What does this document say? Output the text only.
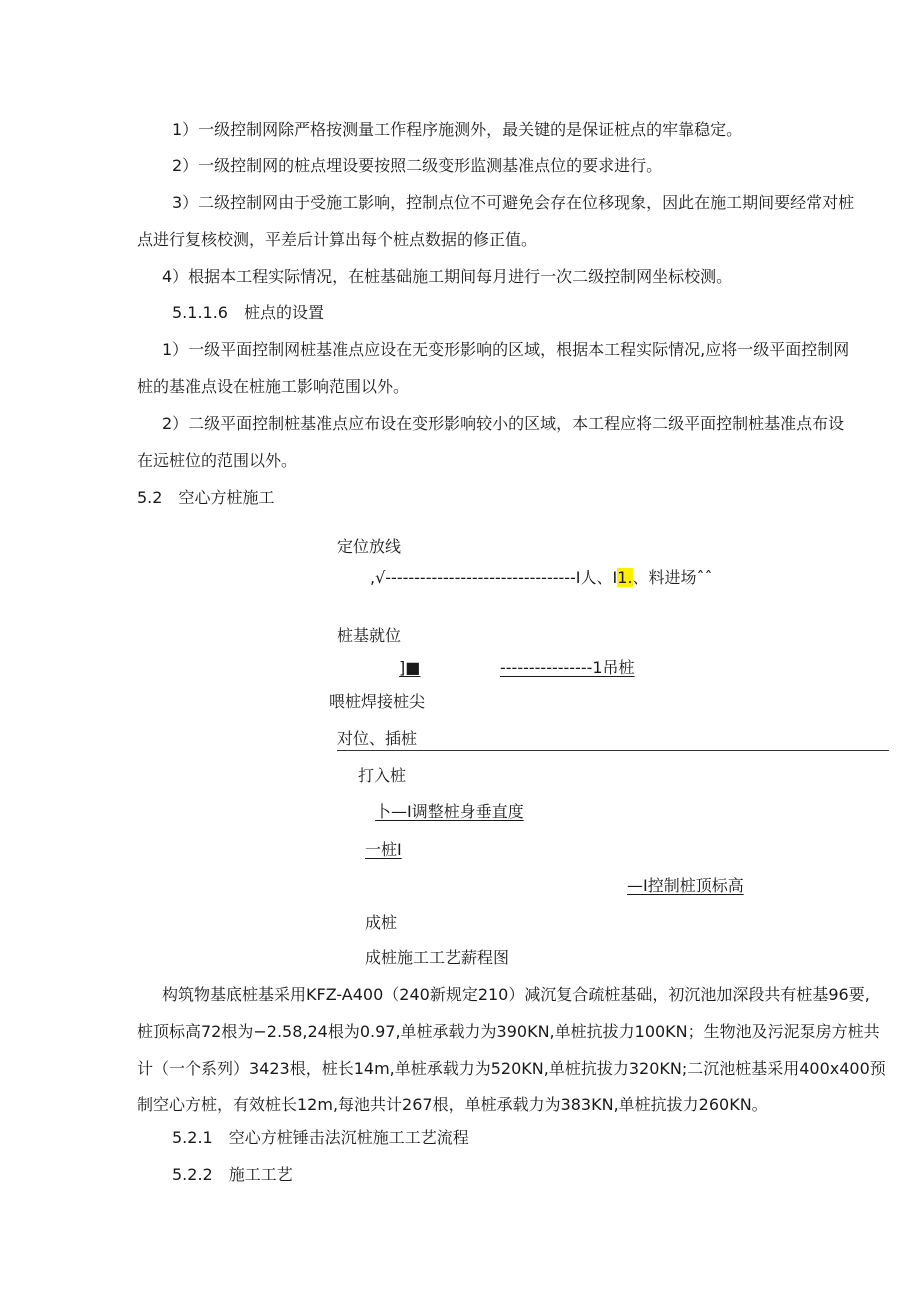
1）一级控制网除严格按测量工作程序施测外，最关键的是保证桩点的牢靠稳定。
2）一级控制网的桩点埋设要按照二级变形监测基准点位的要求进行。
3）二级控制网由于受施工影响，控制点位不可避免会存在位移现象，因此在施工期间要经常对桩
点进行复核校测，平差后计算出每个桩点数据的修正值。
4）根据本工程实际情况，在桩基础施工期间每月进行一次二级控制网坐标校测。
5.1.1.6　桩点的设置
1）一级平面控制网桩基准点应设在无变形影响的区域，根据本工程实际情况,应将一级平面控制网
桩的基准点设在桩施工影响范围以外。
2）二级平面控制桩基准点应布设在变形影响较小的区域，本工程应将二级平面控制桩基准点布设
在远桩位的范围以外。
5.2　空心方桩施工
定位放线
,√---------------------------------I人、I1.、料进场ˆˆ
桩基就位
]■	----------------1吊桩
喂桩焊接桩尖
对位、插桩
打入桩
卜—I调整桩身垂直度
一桩I
—I控制桩顶标高
成桩
成桩施工工艺薪程图
构筑物基底桩基采用KFZ-A400（240新规定210）减沉复合疏桩基础，初沉池加深段共有桩基96要,
桩顶标高72根为−2.58,24根为0.97,单桩承载力为390KN,单桩抗拔力100KN；生物池及污泥泵房方桩共
计（一个系列）3423根，桩长14m,单桩承载力为520KN,单桩抗拔力320KN;二沉池桩基采用400x400预
制空心方桩，有效桩长12m,每池共计267根，单桩承载力为383KN,单桩抗拔力260KN。
5.2.1　空心方桩锤击法沉桩施工工艺流程
5.2.2　施工工艺
